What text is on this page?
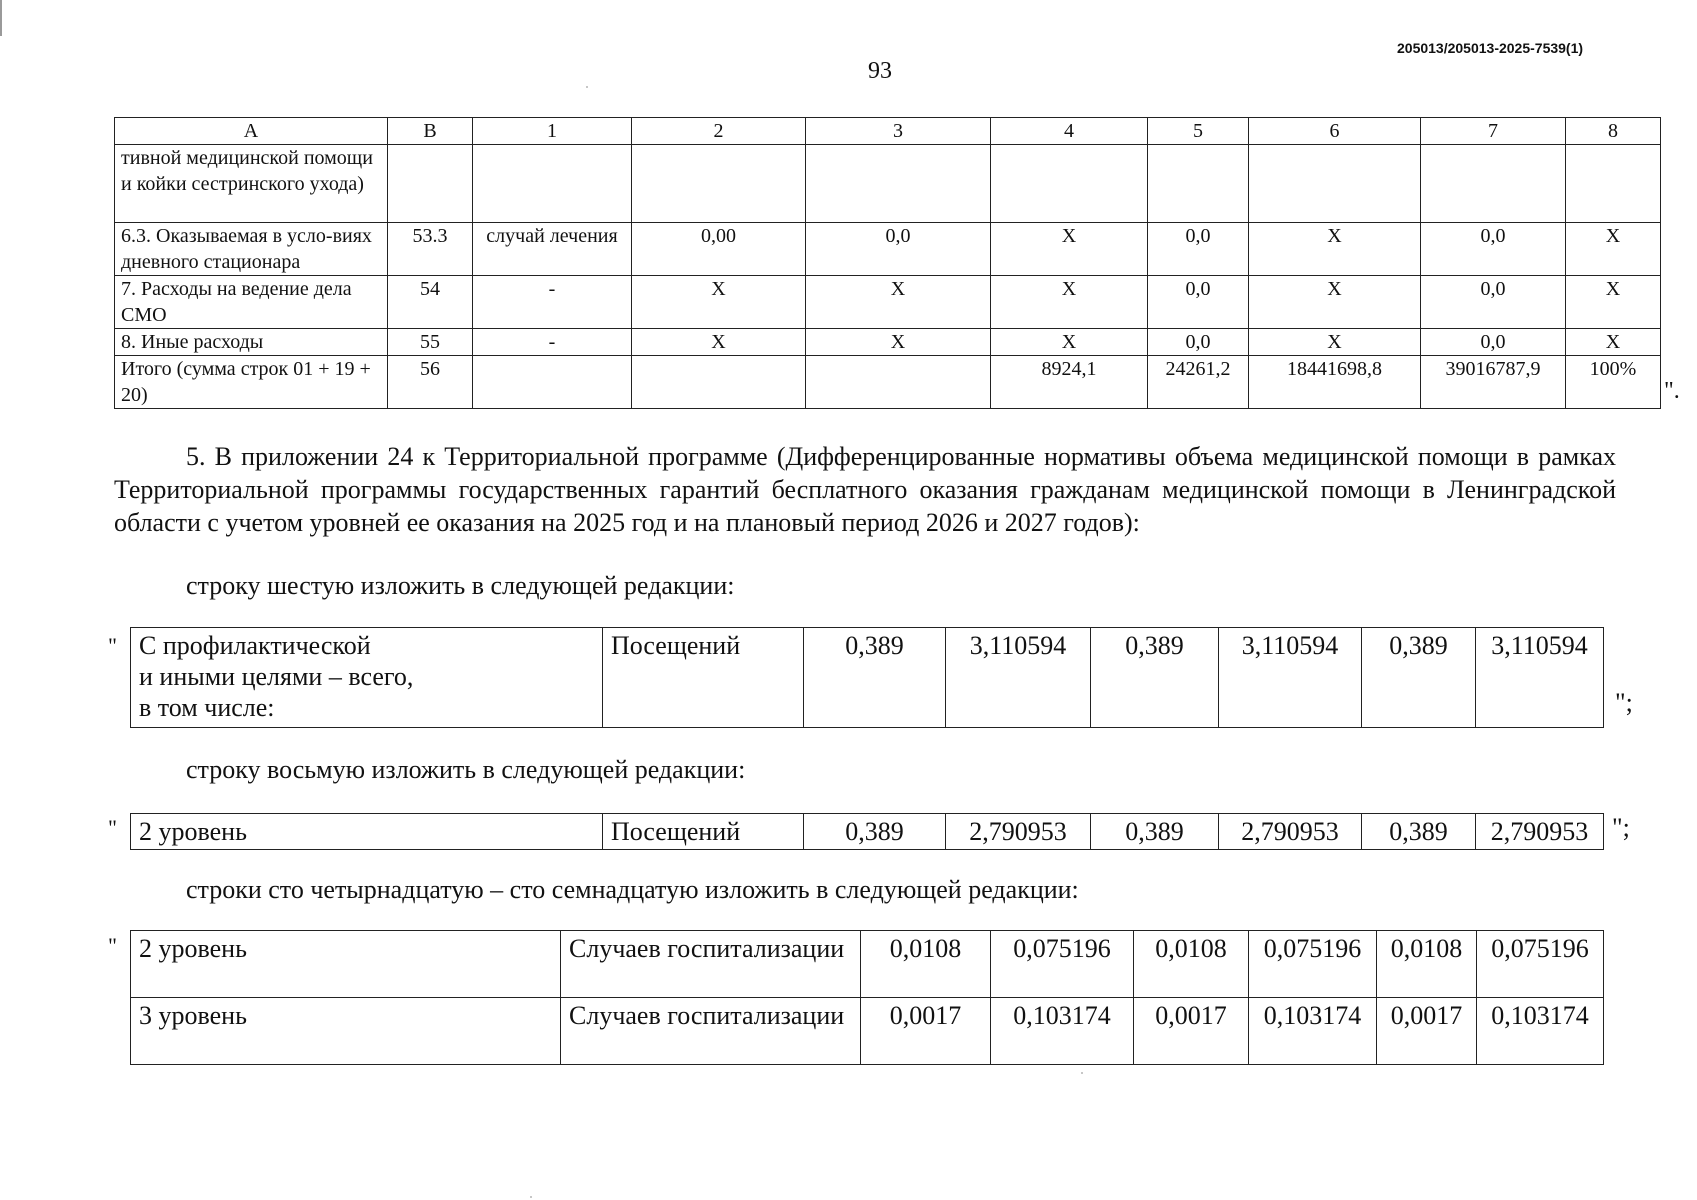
205013/205013-2025-7539(1)
93
А	В	1	2	3	4	5	6	7	8
тивной медицинской помощи и койки сестринского ухода)									
6.3. Оказываемая в усло-виях дневного стационара	53.3	случай лечения	0,00	0,0	Х	0,0	Х	0,0	Х
7. Расходы на ведение дела СМО	54	-	Х	Х	Х	0,0	Х	0,0	Х
8. Иные расходы	55	-	Х	Х	Х	0,0	Х	0,0	Х
Итого (сумма строк 01 + 19 + 20)	56				8924,1	24261,2	18441698,8	39016787,9	100%
".
5. В приложении 24 к Территориальной программе (Дифференцированные нормативы объема медицинской помощи в рамках Территориальной программы государственных гарантий бесплатного оказания гражданам медицинской помощи в Ленинградской области с учетом уровней ее оказания на 2025 год и на плановый период 2026 и 2027 годов):
строку шестую изложить в следующей редакции:
" С профилактической
и иными целями – всего,
в том числе:	Посещений	0,389	3,110594	0,389	3,110594	0,389	3,110594
";
строку восьмую изложить в следующей редакции:
" 2 уровень	Посещений	0,389	2,790953	0,389	2,790953	0,389	2,790953 ";
строки сто четырнадцатую – сто семнадцатую изложить в следующей редакции:
" 2 уровень	Случаев госпитализации	0,0108	0,075196	0,0108	0,075196	0,0108	0,075196
3 уровень	Случаев госпитализации	0,0017	0,103174	0,0017	0,103174	0,0017	0,103174
